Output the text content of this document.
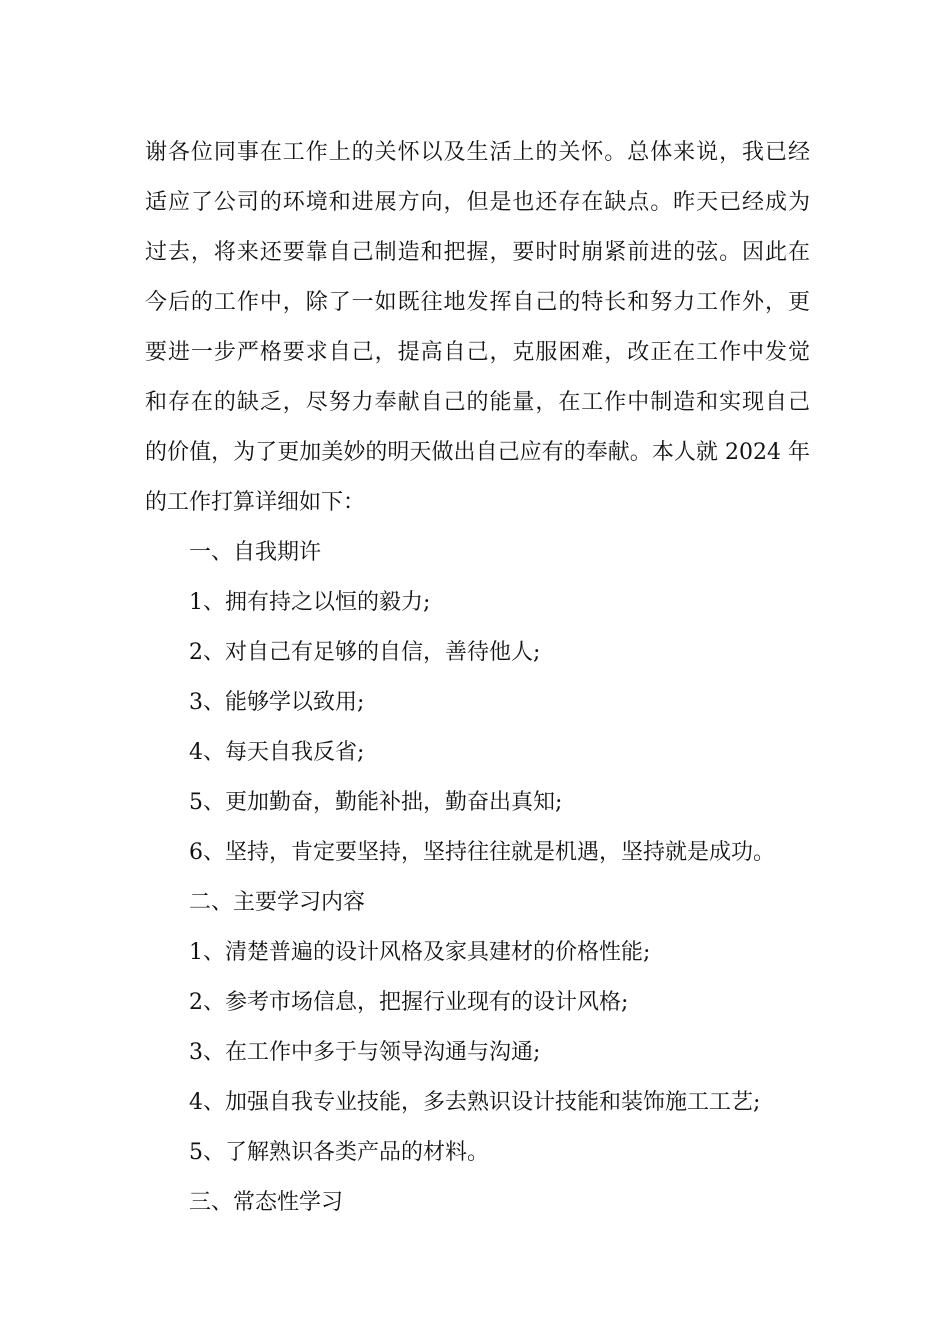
谢各位同事在工作上的关怀以及生活上的关怀。总体来说，我已经
适应了公司的环境和进展方向，但是也还存在缺点。昨天已经成为
过去，将来还要靠自己制造和把握，要时时崩紧前进的弦。因此在
今后的工作中，除了一如既往地发挥自己的特长和努力工作外，更
要进一步严格要求自己，提高自己，克服困难，改正在工作中发觉
和存在的缺乏，尽努力奉献自己的能量，在工作中制造和实现自己
的价值，为了更加美妙的明天做出自己应有的奉献。本人就 2024 年
的工作打算详细如下：
一、自我期许
1、拥有持之以恒的毅力;
2、对自己有足够的自信，善待他人;
3、能够学以致用;
4、每天自我反省;
5、更加勤奋，勤能补拙，勤奋出真知;
6、坚持，肯定要坚持，坚持往往就是机遇，坚持就是成功。
二、主要学习内容
1、清楚普遍的设计风格及家具建材的价格性能;
2、参考市场信息，把握行业现有的设计风格;
3、在工作中多于与领导沟通与沟通;
4、加强自我专业技能，多去熟识设计技能和装饰施工工艺;
5、了解熟识各类产品的材料。
三、常态性学习
